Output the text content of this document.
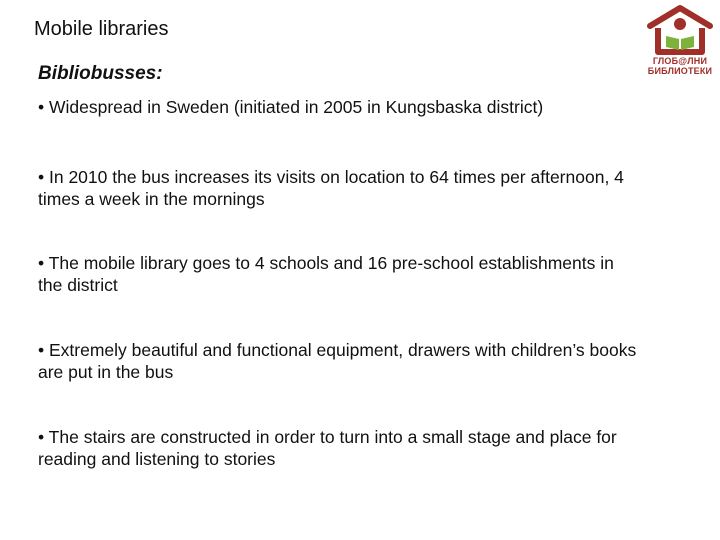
Mobile libraries
ГЛОБ@ЛНИ
БИБЛИОТЕКИ
Bibliobusses:
• Widespread in Sweden (initiated in 2005 in Kungsbaska district)
• In 2010 the bus increases its visits on location to 64 times per afternoon, 4 times a week in the mornings
• The mobile library goes to 4 schools and 16 pre-school establishments in the district
• Extremely beautiful and functional equipment, drawers with children’s books are put in the bus
• The stairs are constructed in order to turn into a small stage and place for reading and listening to stories
